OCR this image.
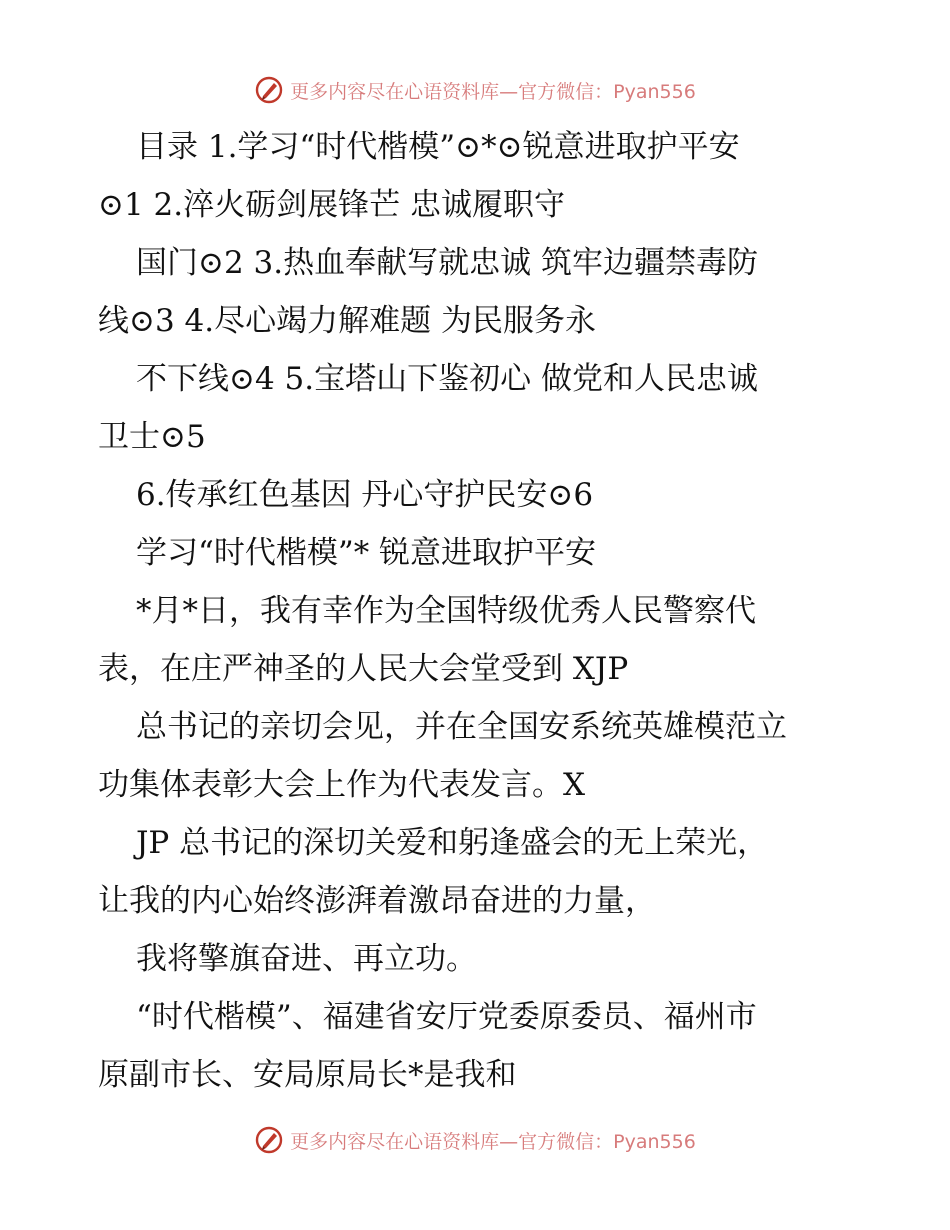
更多内容尽在心语资料库—官方微信：Pyan556

目录 1.学习“时代楷模”⊙*⊙锐意进取护平安

⊙1 2.淬火砺剑展锋芒 忠诚履职守

国门⊙2 3.热血奉献写就忠诚 筑牢边疆禁毒防

线⊙3 4.尽心竭力解难题 为民服务永

不下线⊙4 5.宝塔山下鉴初心 做党和人民忠诚

卫士⊙5

6.传承红色基因 丹心守护民安⊙6

学习“时代楷模”* 锐意进取护平安

*月*日，我有幸作为全国特级优秀人民警察代

表，在庄严神圣的人民大会堂受到 XJP

总书记的亲切会见，并在全国安系统英雄模范立

功集体表彰大会上作为代表发言。X

JP 总书记的深切关爱和躬逢盛会的无上荣光，

让我的内心始终澎湃着激昂奋进的力量，

我将擎旗奋进、再立功。

“时代楷模”、福建省安厅党委原委员、福州市

原副市长、安局原局长*是我和

更多内容尽在心语资料库—官方微信：Pyan556
